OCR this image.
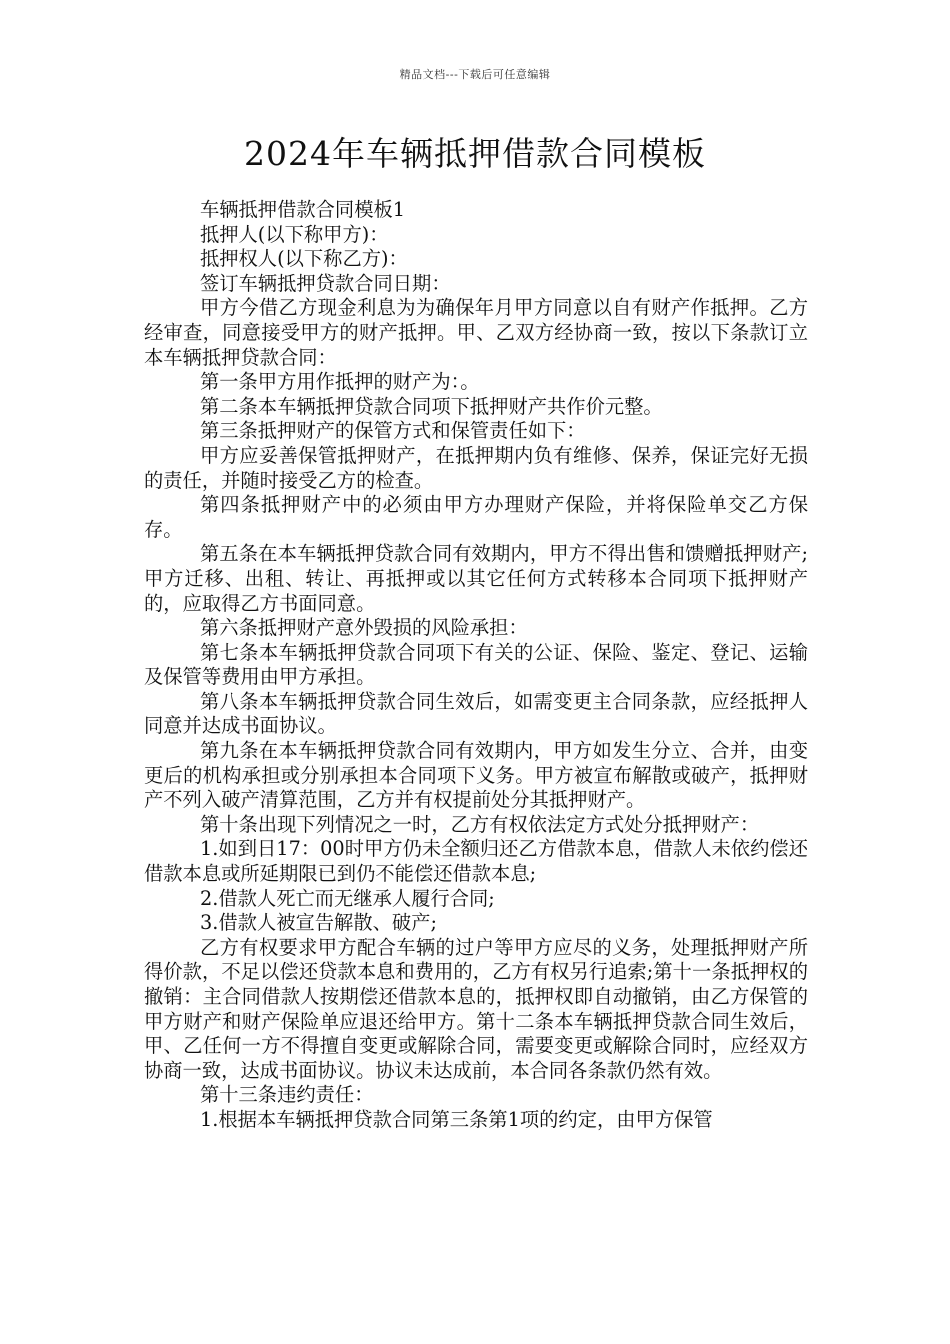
精品文档---下载后可任意编辑
2024年车辆抵押借款合同模板

车辆抵押借款合同模板1

抵押人(以下称甲方)：

抵押权人(以下称乙方)：

签订车辆抵押贷款合同日期：

甲方今借乙方现金利息为为确保年月甲方同意以自有财产作抵押。乙方经审查，同意接受甲方的财产抵押。甲、乙双方经协商一致，按以下条款订立本车辆抵押贷款合同：

第一条甲方用作抵押的财产为：。

第二条本车辆抵押贷款合同项下抵押财产共作价元整。

第三条抵押财产的保管方式和保管责任如下：

甲方应妥善保管抵押财产，在抵押期内负有维修、保养，保证完好无损的责任，并随时接受乙方的检查。

第四条抵押财产中的必须由甲方办理财产保险，并将保险单交乙方保存。

第五条在本车辆抵押贷款合同有效期内，甲方不得出售和馈赠抵押财产;甲方迁移、出租、转让、再抵押或以其它任何方式转移本合同项下抵押财产的，应取得乙方书面同意。

第六条抵押财产意外毁损的风险承担：

第七条本车辆抵押贷款合同项下有关的公证、保险、鉴定、登记、运输及保管等费用由甲方承担。

第八条本车辆抵押贷款合同生效后，如需变更主合同条款，应经抵押人同意并达成书面协议。

第九条在本车辆抵押贷款合同有效期内，甲方如发生分立、合并，由变更后的机构承担或分别承担本合同项下义务。甲方被宣布解散或破产，抵押财产不列入破产清算范围，乙方并有权提前处分其抵押财产。

第十条出现下列情况之一时，乙方有权依法定方式处分抵押财产：

1.如到日17：00时甲方仍未全额归还乙方借款本息，借款人未依约偿还借款本息或所延期限已到仍不能偿还借款本息;

2.借款人死亡而无继承人履行合同;

3.借款人被宣告解散、破产;

乙方有权要求甲方配合车辆的过户等甲方应尽的义务，处理抵押财产所得价款，不足以偿还贷款本息和费用的，乙方有权另行追索;第十一条抵押权的撤销：主合同借款人按期偿还借款本息的，抵押权即自动撤销，由乙方保管的甲方财产和财产保险单应退还给甲方。第十二条本车辆抵押贷款合同生效后，甲、乙任何一方不得擅自变更或解除合同，需要变更或解除合同时，应经双方协商一致，达成书面协议。协议未达成前，本合同各条款仍然有效。

第十三条违约责任：

1.根据本车辆抵押贷款合同第三条第1项的约定，由甲方保管
